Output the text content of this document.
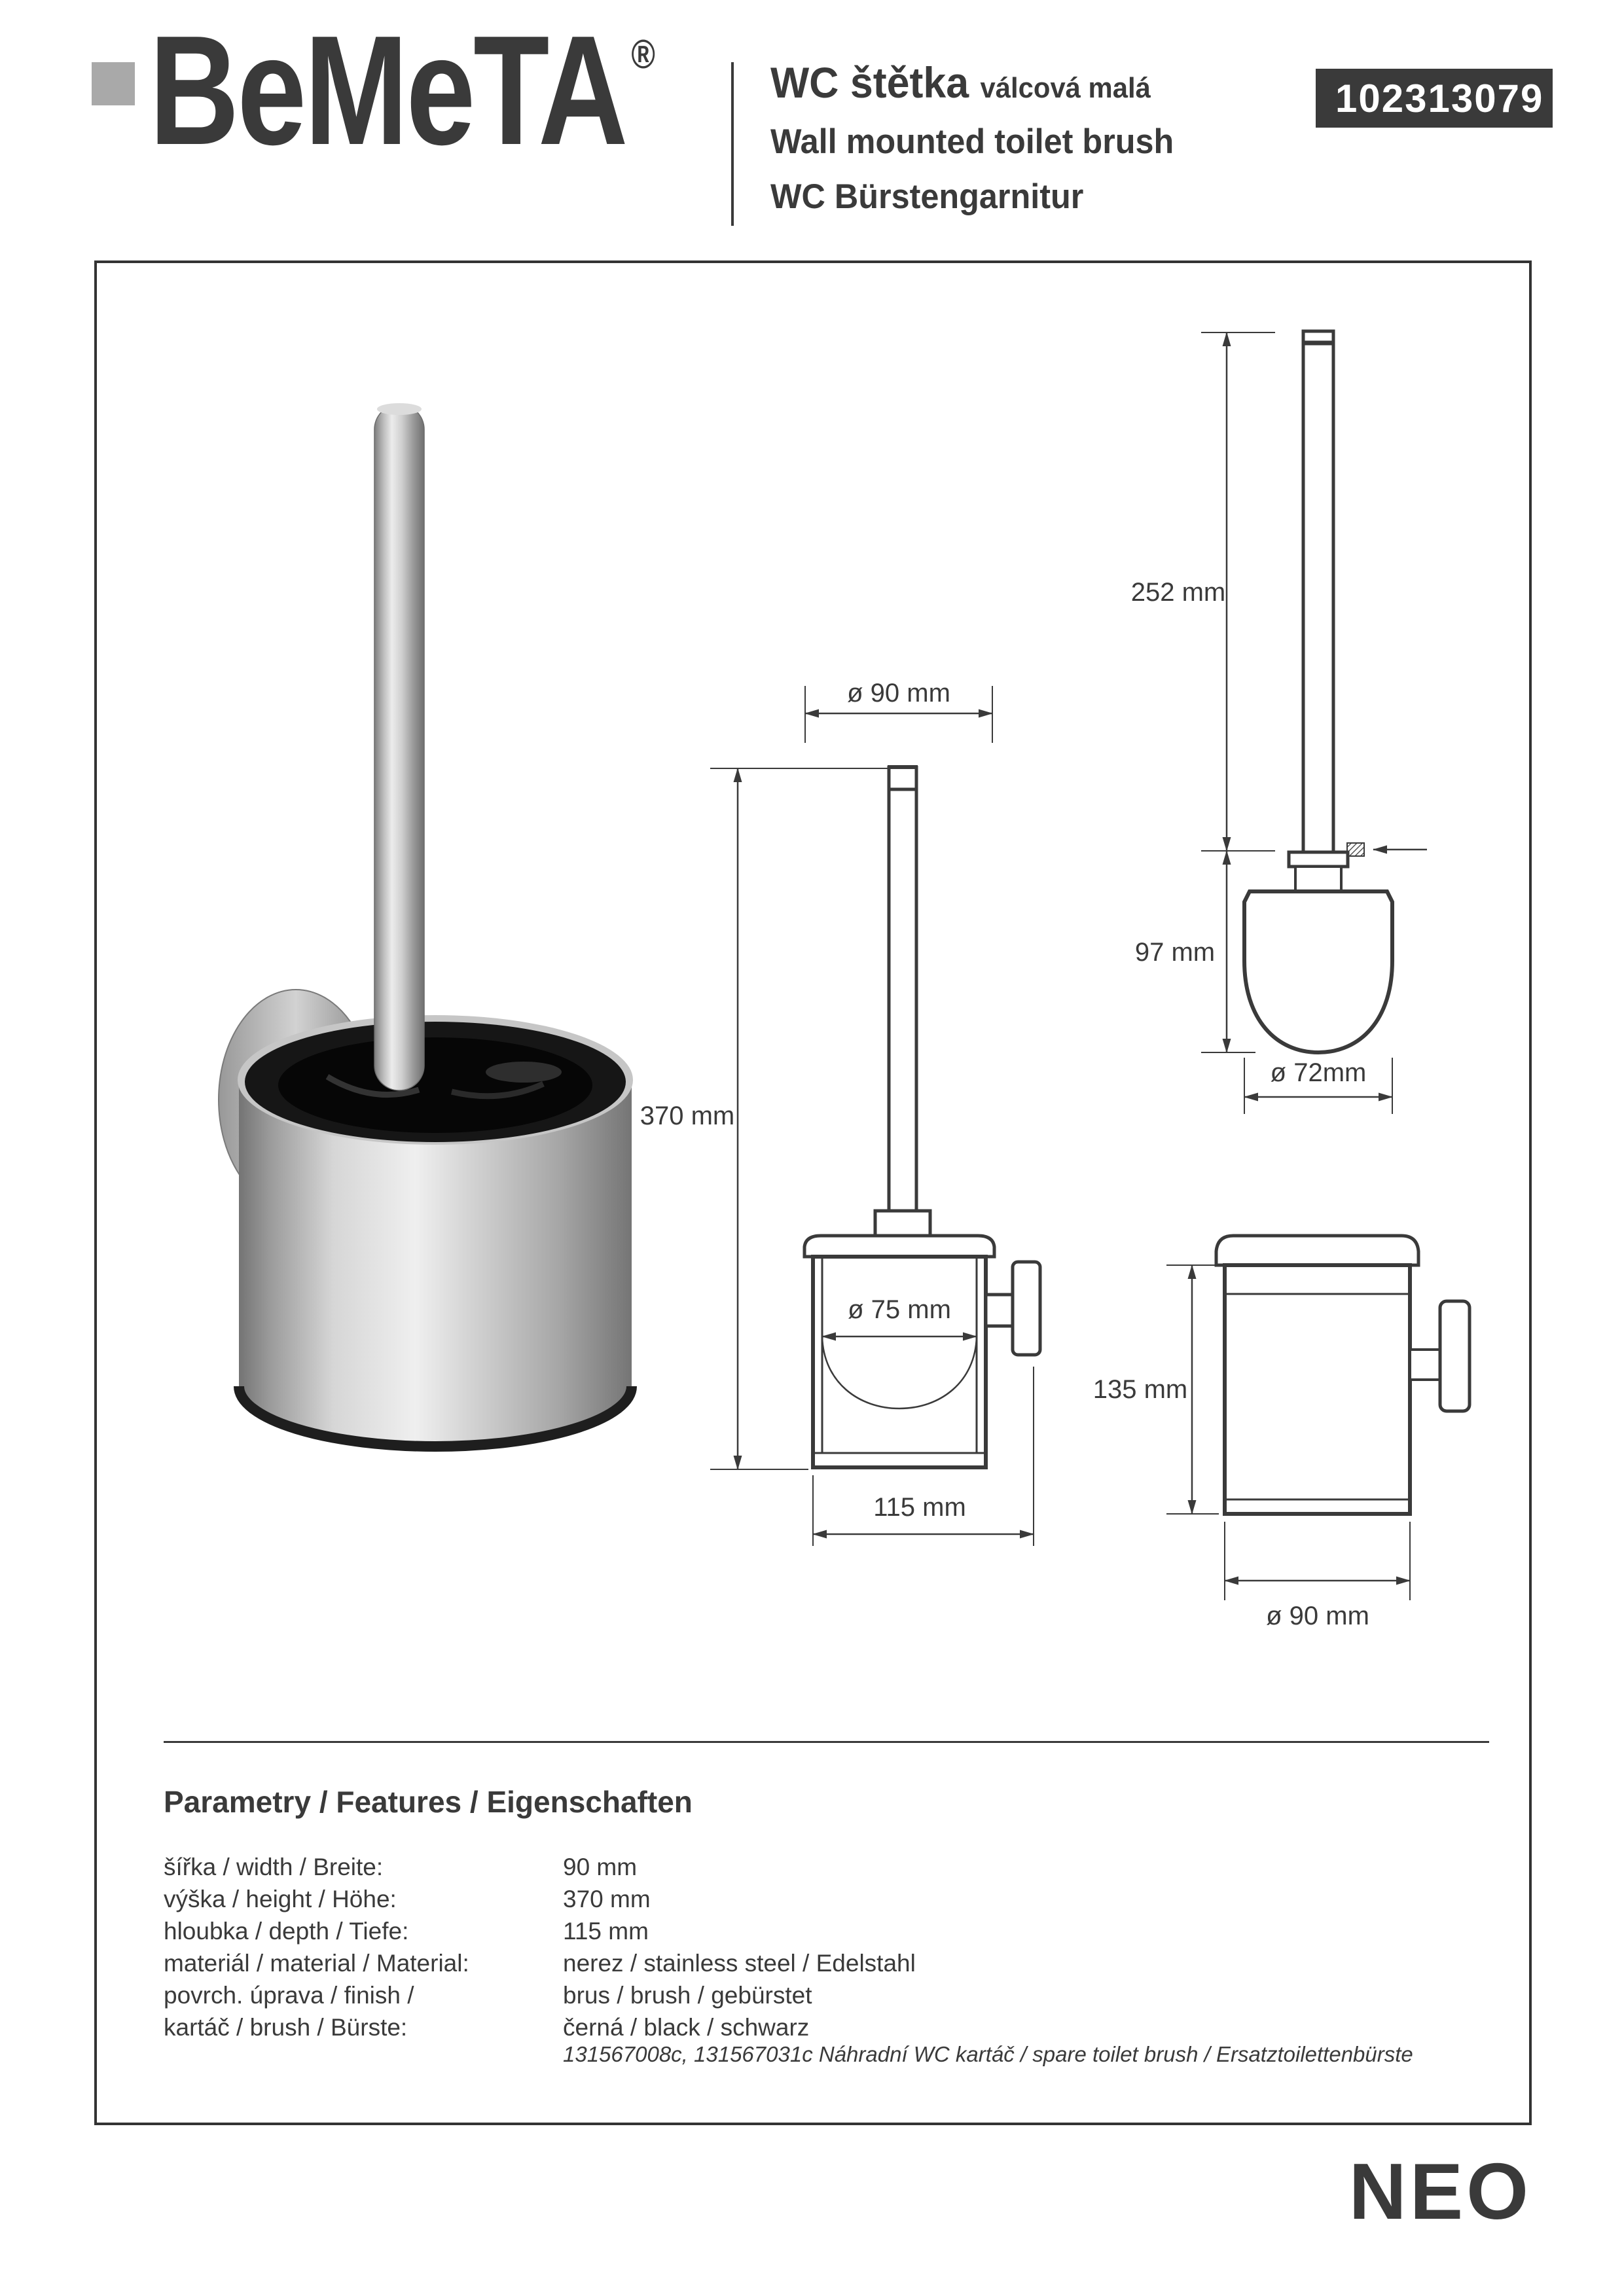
BeMeTA ®
WC štětka válcová malá
Wall mounted toilet brush
WC Bürstengarnitur
102313079
ø 90 mm
370 mm
ø 75 mm
115 mm
252 mm
97 mm
ø 72mm
135 mm
ø 90 mm
Parametry / Features / Eigenschaften
šířka / width / Breite:	90 mm
výška / height / Höhe:	370 mm
hloubka / depth / Tiefe:	115 mm
materiál / material / Material:	nerez / stainless steel / Edelstahl
povrch. úprava / finish /	brus / brush / gebürstet
kartáč / brush / Bürste:	černá / black / schwarz
131567008c, 131567031c Náhradní WC kartáč / spare toilet brush / Ersatztoilettenbürste
NEO
